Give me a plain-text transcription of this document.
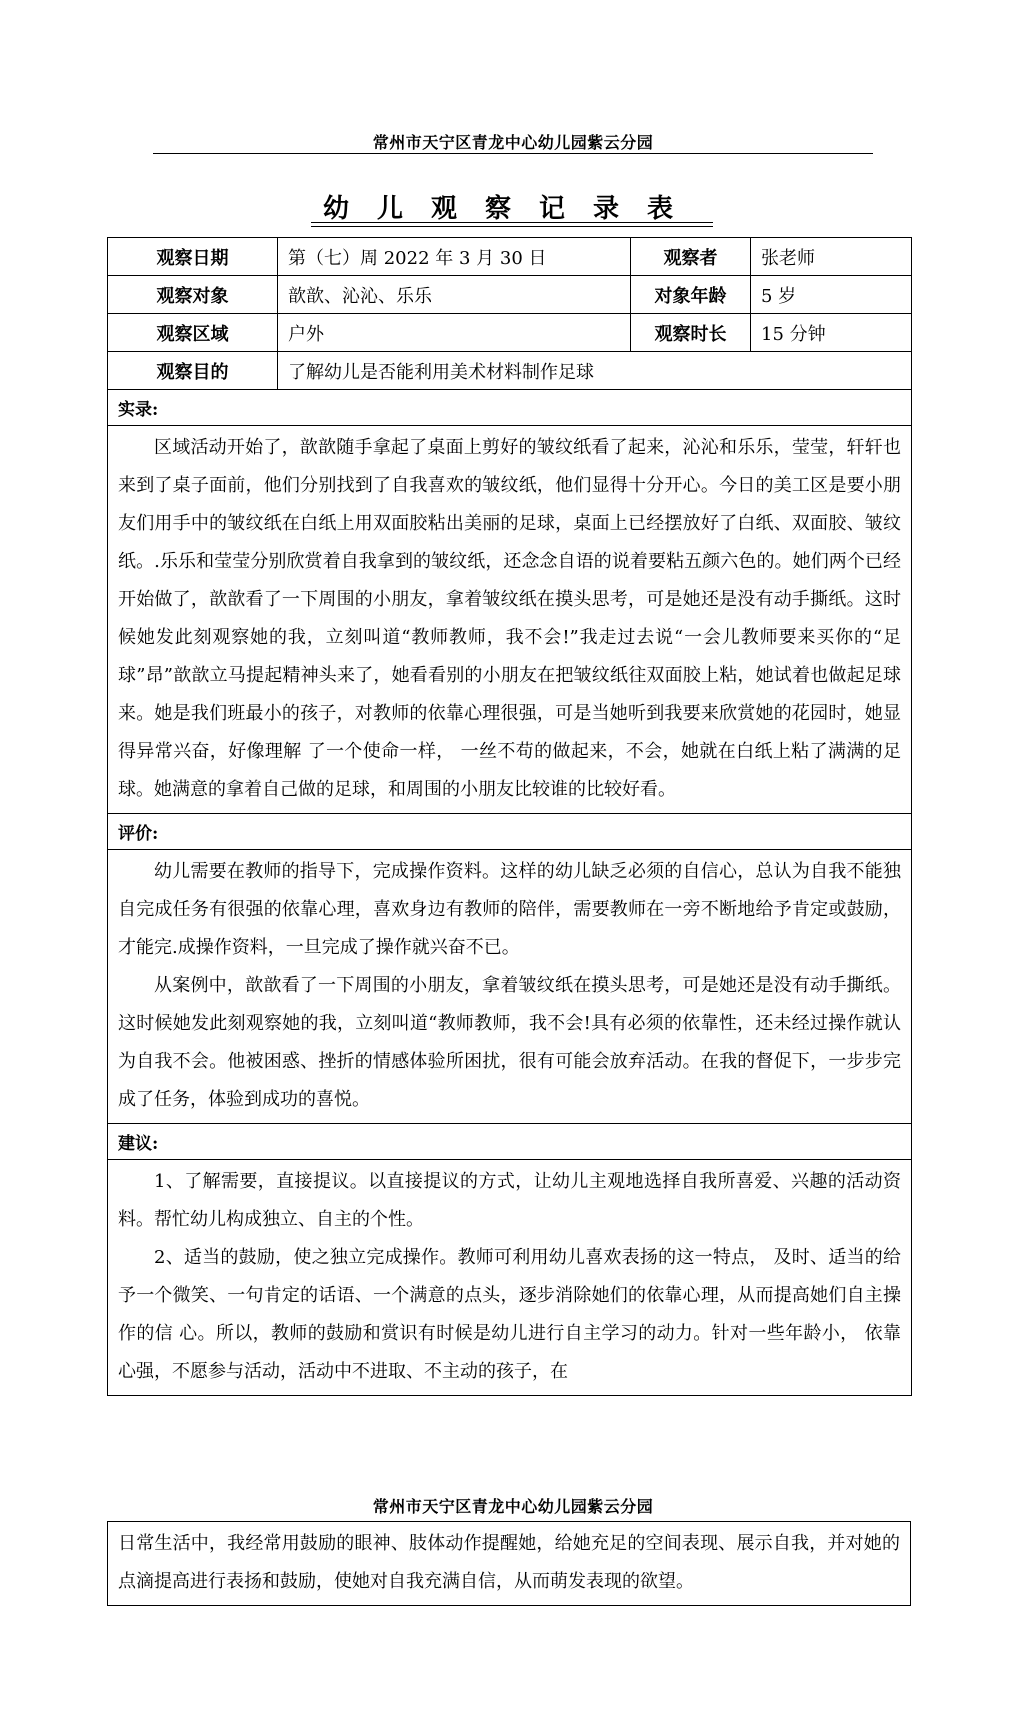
常州市天宁区青龙中心幼儿园紫云分园
幼儿观察记录表
观察日期	第（七）周 2022 年 3 月 30 日	观察者	张老师
观察对象	歆歆、沁沁、乐乐	对象年龄	5 岁
观察区域	户外	观察时长	15 分钟
观察目的	了解幼儿是否能利用美术材料制作足球		
实录:			

区域活动开始了，歆歆随手拿起了桌面上剪好的皱纹纸看了起来，沁沁和乐乐，莹莹，轩轩也来到了桌子面前，他们分别找到了自我喜欢的皱纹纸，他们显得十分开心。今日的美工区是要小朋友们用手中的皱纹纸在白纸上用双面胶粘出美丽的足球，桌面上已经摆放好了白纸、双面胶、皱纹纸。.乐乐和莹莹分别欣赏着自我拿到的皱纹纸，还念念自语的说着要粘五颜六色的。她们两个已经开始做了，歆歆看了一下周围的小朋友，拿着皱纹纸在摸头思考，可是她还是没有动手撕纸。这时候她发此刻观察她的我，立刻叫道“教师教师，我不会!”我走过去说“一会儿教师要来买你的“足球”昂”歆歆立马提起精神头来了，她看看别的小朋友在把皱纹纸往双面胶上粘，她试着也做起足球来。她是我们班最小的孩子，对教师的依靠心理很强，可是当她听到我要来欣赏她的花园时，她显得异常兴奋，好像理解 了一个使命一样， 一丝不苟的做起来，不会，她就在白纸上粘了满满的足球。她满意的拿着自己做的足球，和周围的小朋友比较谁的比较好看。			

评价:			

幼儿需要在教师的指导下，完成操作资料。这样的幼儿缺乏必须的自信心，总认为自我不能独自完成任务有很强的依靠心理，喜欢身边有教师的陪伴，需要教师在一旁不断地给予肯定或鼓励，才能完.成操作资料，一旦完成了操作就兴奋不已。

从案例中，歆歆看了一下周围的小朋友，拿着皱纹纸在摸头思考，可是她还是没有动手撕纸。这时候她发此刻观察她的我，立刻叫道“教师教师，我不会!具有必须的依靠性，还未经过操作就认为自我不会。他被困惑、挫折的情感体验所困扰，很有可能会放弃活动。在我的督促下，一步步完成了任务，体验到成功的喜悦。			

建议:			

1、了解需要，直接提议。以直接提议的方式，让幼儿主观地选择自我所喜爱、兴趣的活动资料。帮忙幼儿构成独立、自主的个性。

2、适当的鼓励，使之独立完成操作。教师可利用幼儿喜欢表扬的这一特点， 及时、适当的给予一个微笑、一句肯定的话语、一个满意的点头，逐步消除她们的依靠心理，从而提高她们自主操作的信 心。所以，教师的鼓励和赏识有时候是幼儿进行自主学习的动力。针对一些年龄小， 依靠心强，不愿参与活动，活动中不进取、不主动的孩子，在			

常州市天宁区青龙中心幼儿园紫云分园
日常生活中，我经常用鼓励的眼神、肢体动作提醒她，给她充足的空间表现、展示自我，并对她的点滴提高进行表扬和鼓励，使她对自我充满自信，从而萌发表现的欲望。
